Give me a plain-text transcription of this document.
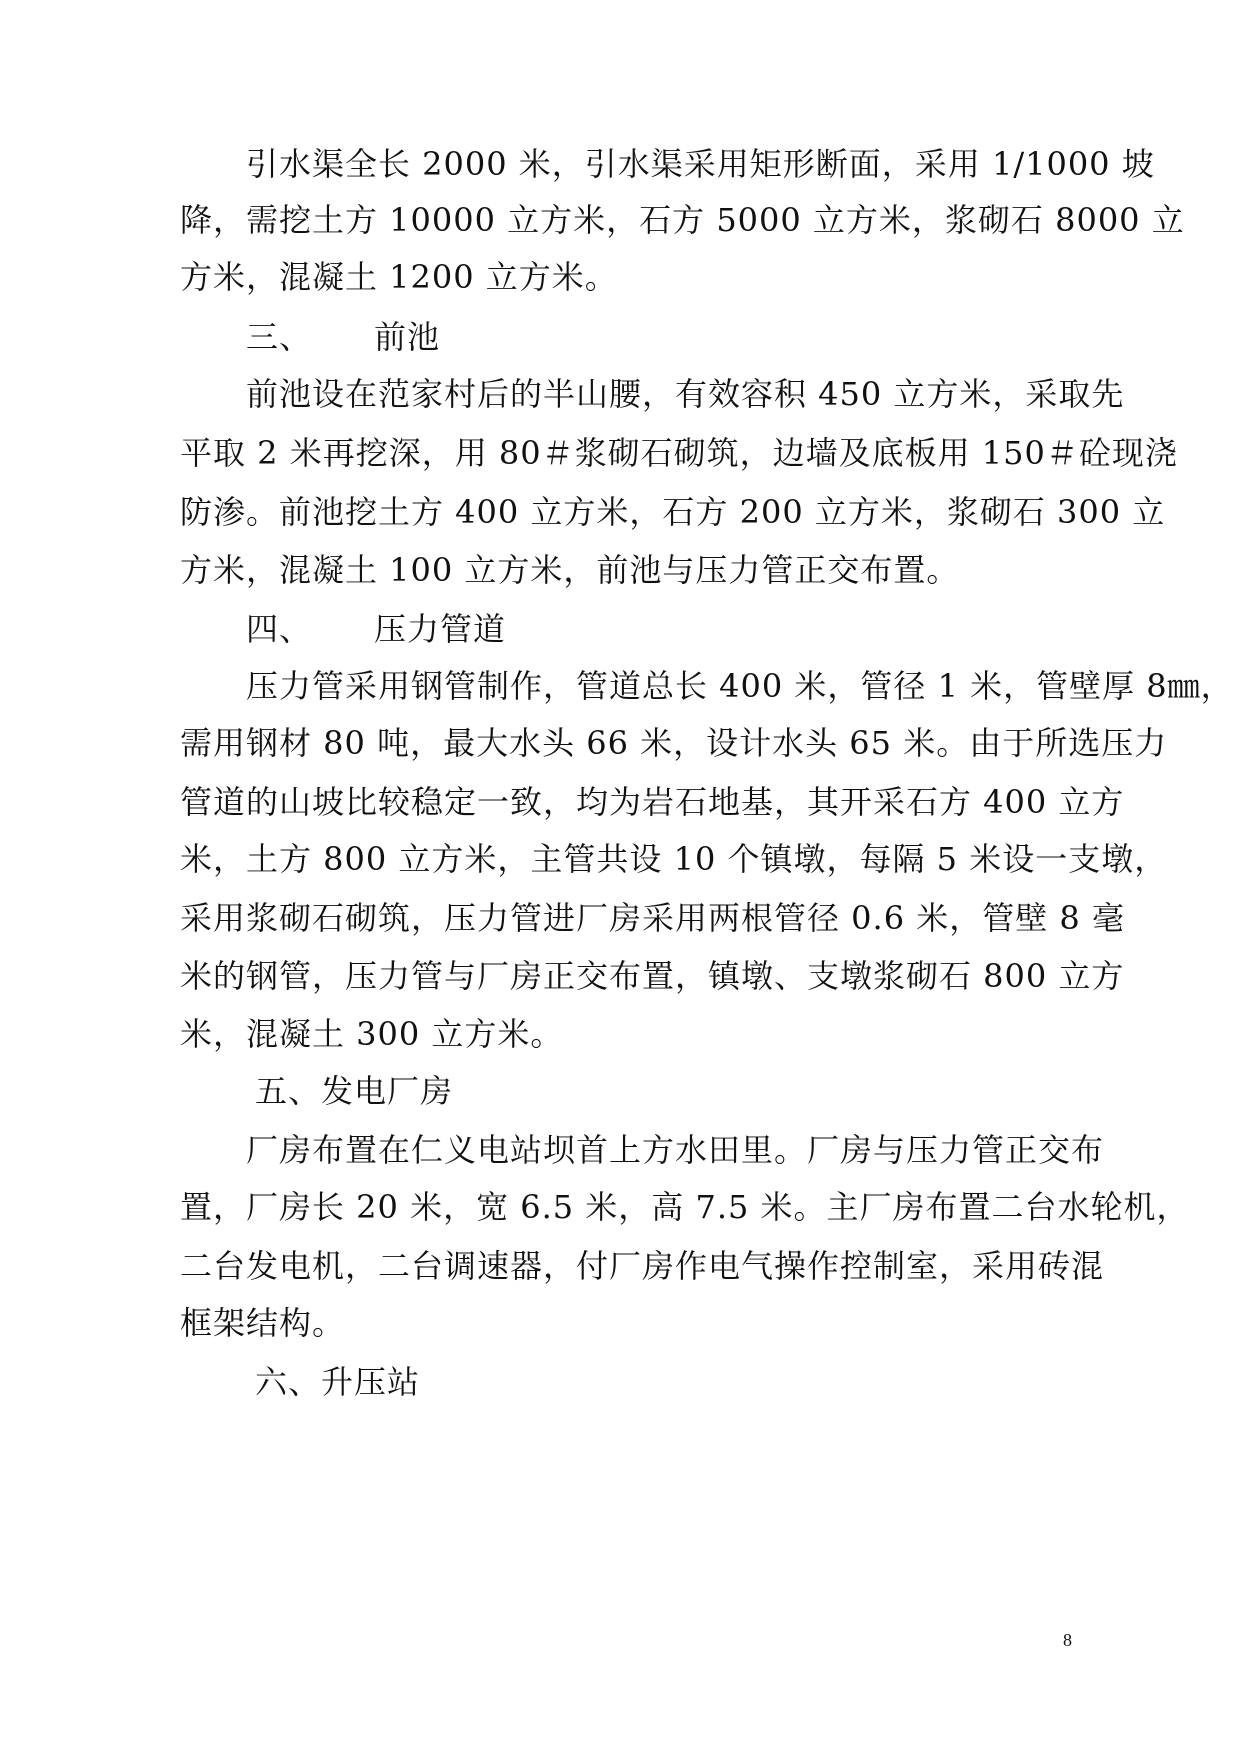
引水渠全长 2000 米，引水渠采用矩形断面，采用 1/1000 坡
降，需挖土方 10000 立方米，石方 5000 立方米，浆砌石 8000 立
方米，混凝土 1200 立方米。
三、 前池
前池设在范家村后的半山腰，有效容积 450 立方米，采取先
平取 2 米再挖深，用 80＃浆砌石砌筑，边墙及底板用 150＃砼现浇
防渗。前池挖土方 400 立方米，石方 200 立方米，浆砌石 300 立
方米，混凝土 100 立方米，前池与压力管正交布置。
四、 压力管道
压力管采用钢管制作，管道总长 400 米，管径 1 米，管壁厚 8㎜，
需用钢材 80 吨，最大水头 66 米，设计水头 65 米。由于所选压力
管道的山坡比较稳定一致，均为岩石地基，其开采石方 400 立方
米，土方 800 立方米，主管共设 10 个镇墩，每隔 5 米设一支墩，
采用浆砌石砌筑，压力管进厂房采用两根管径 0.6 米，管壁 8 毫
米的钢管，压力管与厂房正交布置，镇墩、支墩浆砌石 800 立方
米，混凝土 300 立方米。
五、发电厂房
厂房布置在仁义电站坝首上方水田里。厂房与压力管正交布
置，厂房长 20 米，宽 6.5 米，高 7.5 米。主厂房布置二台水轮机，
二台发电机，二台调速器，付厂房作电气操作控制室，采用砖混
框架结构。
六、升压站
8
